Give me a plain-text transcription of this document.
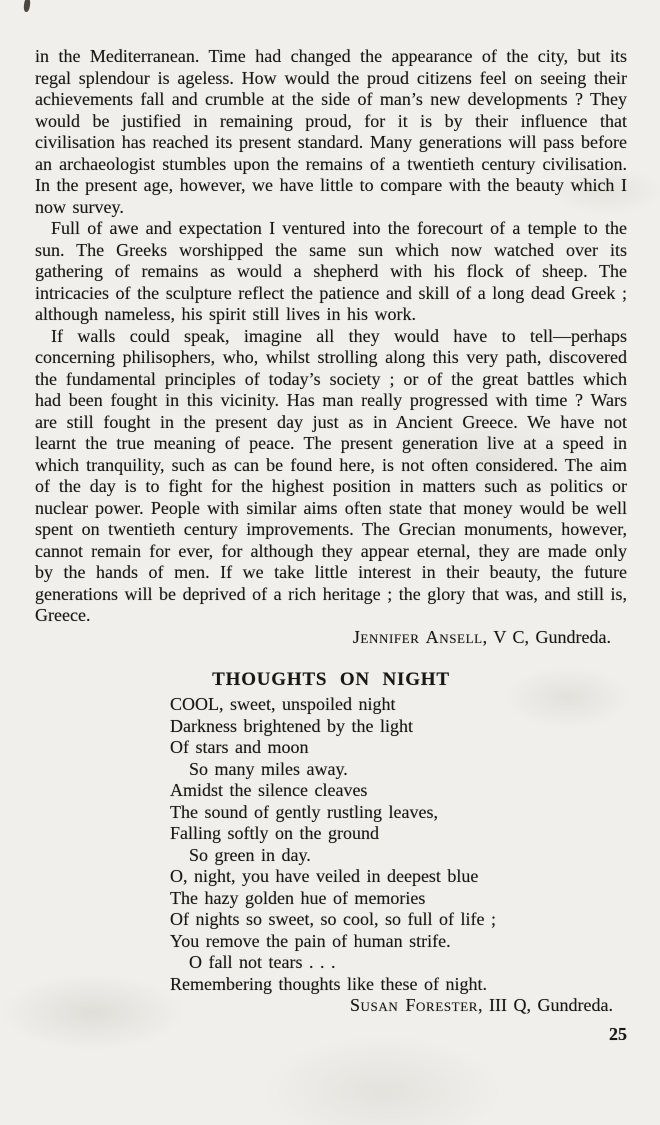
in the Mediterranean. Time had changed the appearance of the city, but its regal splendour is ageless. How would the proud citizens feel on seeing their achievements fall and crumble at the side of man’s new developments ? They would be justified in remaining proud, for it is by their influence that civilisation has reached its present standard. Many generations will pass before an archaeologist stumbles upon the remains of a twentieth century civilisation. In the present age, however, we have little to compare with the beauty which I now survey.

Full of awe and expectation I ventured into the forecourt of a temple to the sun. The Greeks worshipped the same sun which now watched over its gathering of remains as would a shepherd with his flock of sheep. The intricacies of the sculpture reflect the patience and skill of a long dead Greek ; although nameless, his spirit still lives in his work.

If walls could speak, imagine all they would have to tell—perhaps concerning philisophers, who, whilst strolling along this very path, discovered the fundamental principles of today’s society ; or of the great battles which had been fought in this vicinity. Has man really progressed with time ? Wars are still fought in the present day just as in Ancient Greece. We have not learnt the true meaning of peace. The present generation live at a speed in which tranquility, such as can be found here, is not often considered. The aim of the day is to fight for the highest position in matters such as politics or nuclear power. People with similar aims often state that money would be well spent on twentieth century improvements. The Grecian monuments, however, cannot remain for ever, for although they appear eternal, they are made only by the hands of men. If we take little interest in their beauty, the future generations will be deprived of a rich heritage ; the glory that was, and still is, Greece.

Jennifer Ansell, V C, Gundreda.

THOUGHTS ON NIGHT
COOL, sweet, unspoiled night
Darkness brightened by the light
Of stars and moon
So many miles away.
Amidst the silence cleaves
The sound of gently rustling leaves,
Falling softly on the ground
So green in day.
O, night, you have veiled in deepest blue
The hazy golden hue of memories
Of nights so sweet, so cool, so full of life ;
You remove the pain of human strife.
O fall not tears . . .
Remembering thoughts like these of night.

Susan Forester, III Q, Gundreda.

25
